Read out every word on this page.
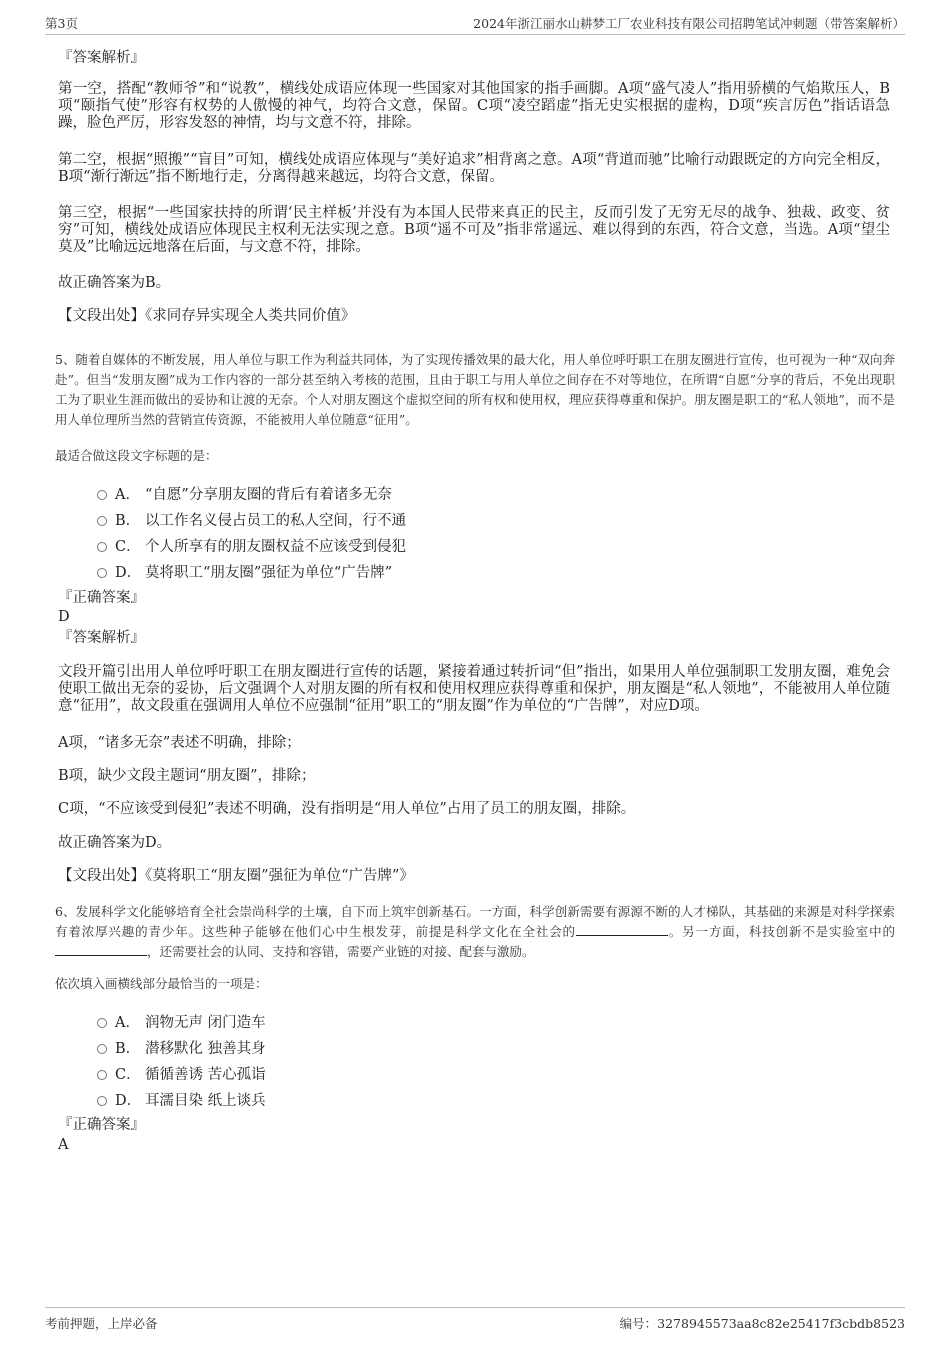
第3页	2024年浙江丽水山耕梦工厂农业科技有限公司招聘笔试冲刺题（带答案解析）
『答案解析』
第一空，搭配“教师爷”和“说教”，横线处成语应体现一些国家对其他国家的指手画脚。A项“盛气凌人”指用骄横的气焰欺压人，B项“颐指气使”形容有权势的人傲慢的神气，均符合文意，保留。C项“凌空蹈虚”指无史实根据的虚构，D项“疾言厉色”指话语急躁，脸色严厉，形容发怒的神情，均与文意不符，排除。
第二空，根据“照搬”“盲目”可知，横线处成语应体现与“美好追求”相背离之意。A项“背道而驰”比喻行动跟既定的方向完全相反，B项“渐行渐远”指不断地行走，分离得越来越远，均符合文意，保留。
第三空，根据“一些国家扶持的所谓‘民主样板’并没有为本国人民带来真正的民主，反而引发了无穷无尽的战争、独裁、政变、贫穷”可知，横线处成语应体现民主权利无法实现之意。B项“遥不可及”指非常遥远、难以得到的东西，符合文意，当选。A项“望尘莫及”比喻远远地落在后面，与文意不符，排除。
故正确答案为B。
【文段出处】《求同存异实现全人类共同价值》
5、随着自媒体的不断发展，用人单位与职工作为利益共同体，为了实现传播效果的最大化，用人单位呼吁职工在朋友圈进行宣传，也可视为一种“双向奔赴”。但当“发朋友圈”成为工作内容的一部分甚至纳入考核的范围，且由于职工与用人单位之间存在不对等地位，在所谓“自愿”分享的背后，不免出现职工为了职业生涯而做出的妥协和让渡的无奈。个人对朋友圈这个虚拟空间的所有权和使用权，理应获得尊重和保护。朋友圈是职工的“私人领地”，而不是用人单位理所当然的营销宣传资源，不能被用人单位随意“征用”。
最适合做这段文字标题的是：
A． “自愿”分享朋友圈的背后有着诸多无奈
B． 以工作名义侵占员工的私人空间，行不通
C． 个人所享有的朋友圈权益不应该受到侵犯
D． 莫将职工“朋友圈”强征为单位“广告牌”
『正确答案』
D
『答案解析』
文段开篇引出用人单位呼吁职工在朋友圈进行宣传的话题，紧接着通过转折词“但”指出，如果用人单位强制职工发朋友圈，难免会使职工做出无奈的妥协，后文强调个人对朋友圈的所有权和使用权理应获得尊重和保护，朋友圈是“私人领地”，不能被用人单位随意“征用”，故文段重在强调用人单位不应强制“征用”职工的“朋友圈”作为单位的“广告牌”，对应D项。
A项，“诸多无奈”表述不明确，排除；
B项，缺少文段主题词“朋友圈”，排除；
C项，“不应该受到侵犯”表述不明确，没有指明是“用人单位”占用了员工的朋友圈，排除。
故正确答案为D。
【文段出处】《莫将职工“朋友圈”强征为单位“广告牌”》
6、发展科学文化能够培育全社会崇尚科学的土壤，自下而上筑牢创新基石。一方面，科学创新需要有源源不断的人才梯队，其基础的来源是对科学探索有着浓厚兴趣的青少年。这些种子能够在他们心中生根发芽，前提是科学文化在全社会的	。另一方面，科技创新不是实验室中的，还需要社会的认同、支持和容错，需要产业链的对接、配套与激励。
依次填入画横线部分最恰当的一项是：
A． 润物无声 闭门造车
B． 潜移默化 独善其身
C． 循循善诱 苦心孤诣
D． 耳濡目染 纸上谈兵
『正确答案』
A
考前押题，上岸必备	编号：3278945573aa8c82e25417f3cbdb8523
